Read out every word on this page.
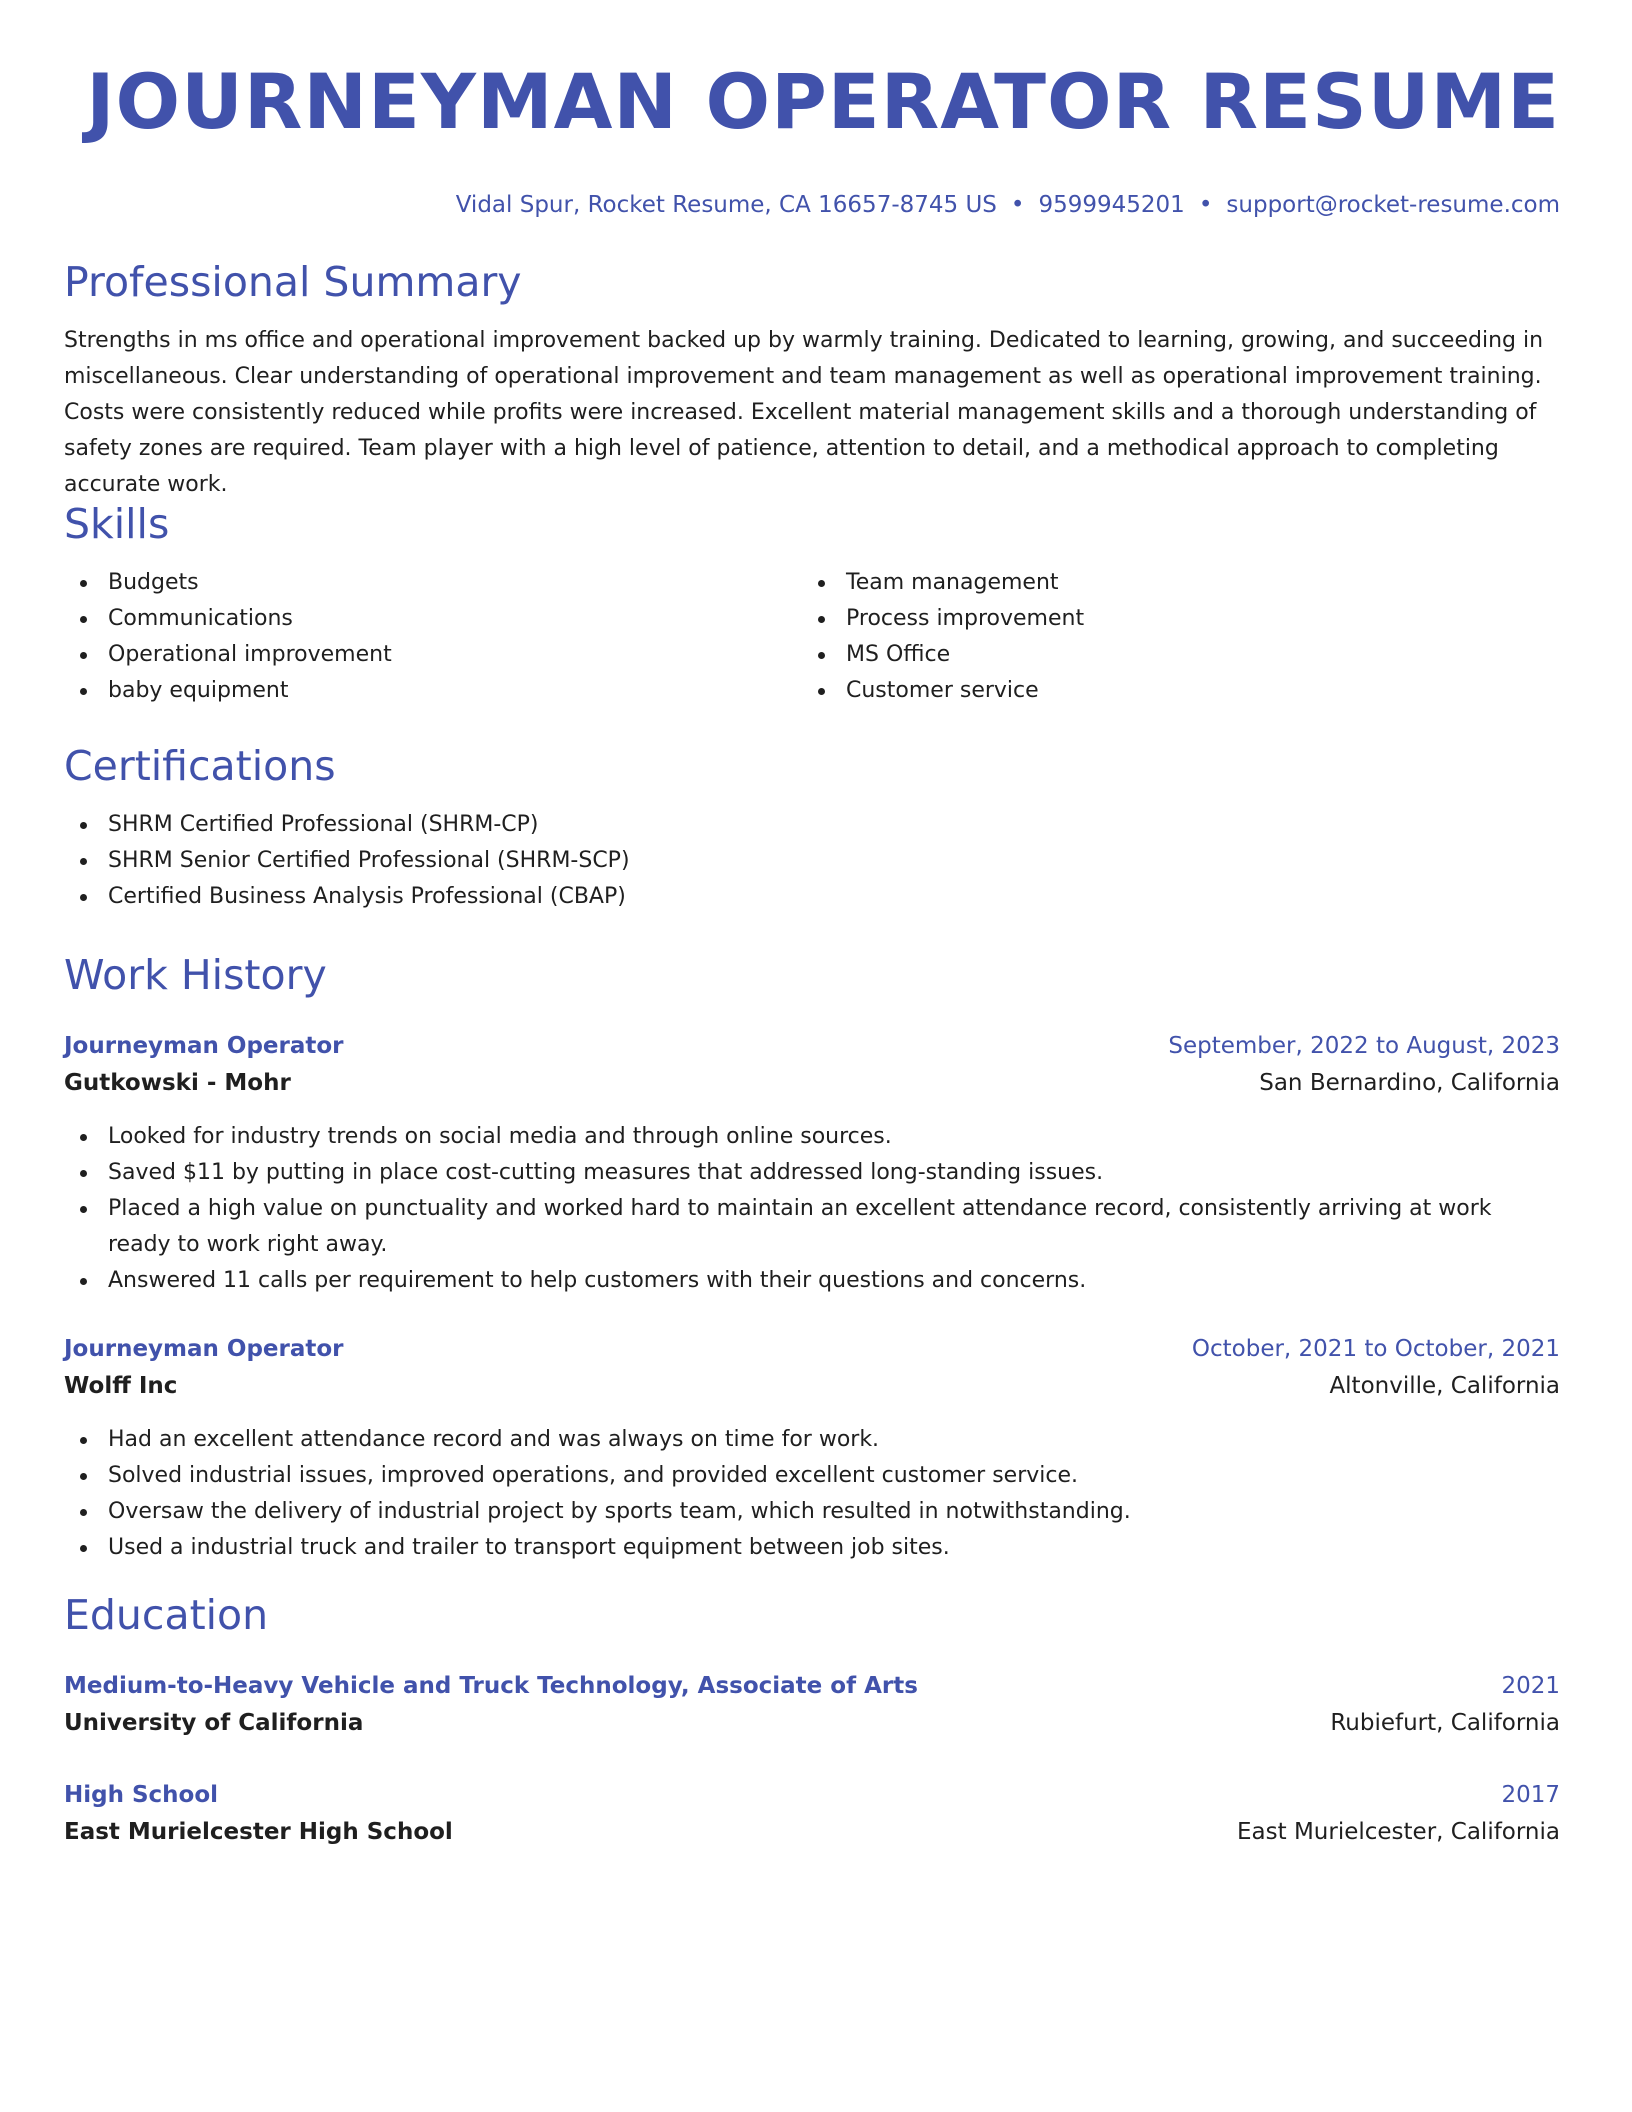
JOURNEYMAN OPERATOR RESUME
Vidal Spur, Rocket Resume, CA 16657-8745 US • 9599945201 • support@rocket-resume.com
Professional Summary

Strengths in ms office and operational improvement backed up by warmly training. Dedicated to learning, growing, and succeeding in miscellaneous. Clear understanding of operational improvement and team management as well as operational improvement training. Costs were consistently reduced while profits were increased. Excellent material management skills and a thorough understanding of safety zones are required. Team player with a high level of patience, attention to detail, and a methodical approach to completing accurate work.

Skills
Budgets
Communications
Operational improvement
baby equipment
Team management
Process improvement
MS Office
Customer service
Certifications
SHRM Certified Professional (SHRM-CP)
SHRM Senior Certified Professional (SHRM-SCP)
Certified Business Analysis Professional (CBAP)
Work History
Journeyman Operator	September, 2022 to August, 2023
Gutkowski - Mohr	San Bernardino, California
Looked for industry trends on social media and through online sources.
Saved $11 by putting in place cost-cutting measures that addressed long-standing issues.
Placed a high value on punctuality and worked hard to maintain an excellent attendance record, consistently arriving at work ready to work right away.
Answered 11 calls per requirement to help customers with their questions and concerns.
Journeyman Operator	October, 2021 to October, 2021
Wolff Inc	Altonville, California
Had an excellent attendance record and was always on time for work.
Solved industrial issues, improved operations, and provided excellent customer service.
Oversaw the delivery of industrial project by sports team, which resulted in notwithstanding.
Used a industrial truck and trailer to transport equipment between job sites.
Education
Medium-to-Heavy Vehicle and Truck Technology, Associate of Arts	2021
University of California	Rubiefurt, California
High School	2017
East Murielcester High School	East Murielcester, California
